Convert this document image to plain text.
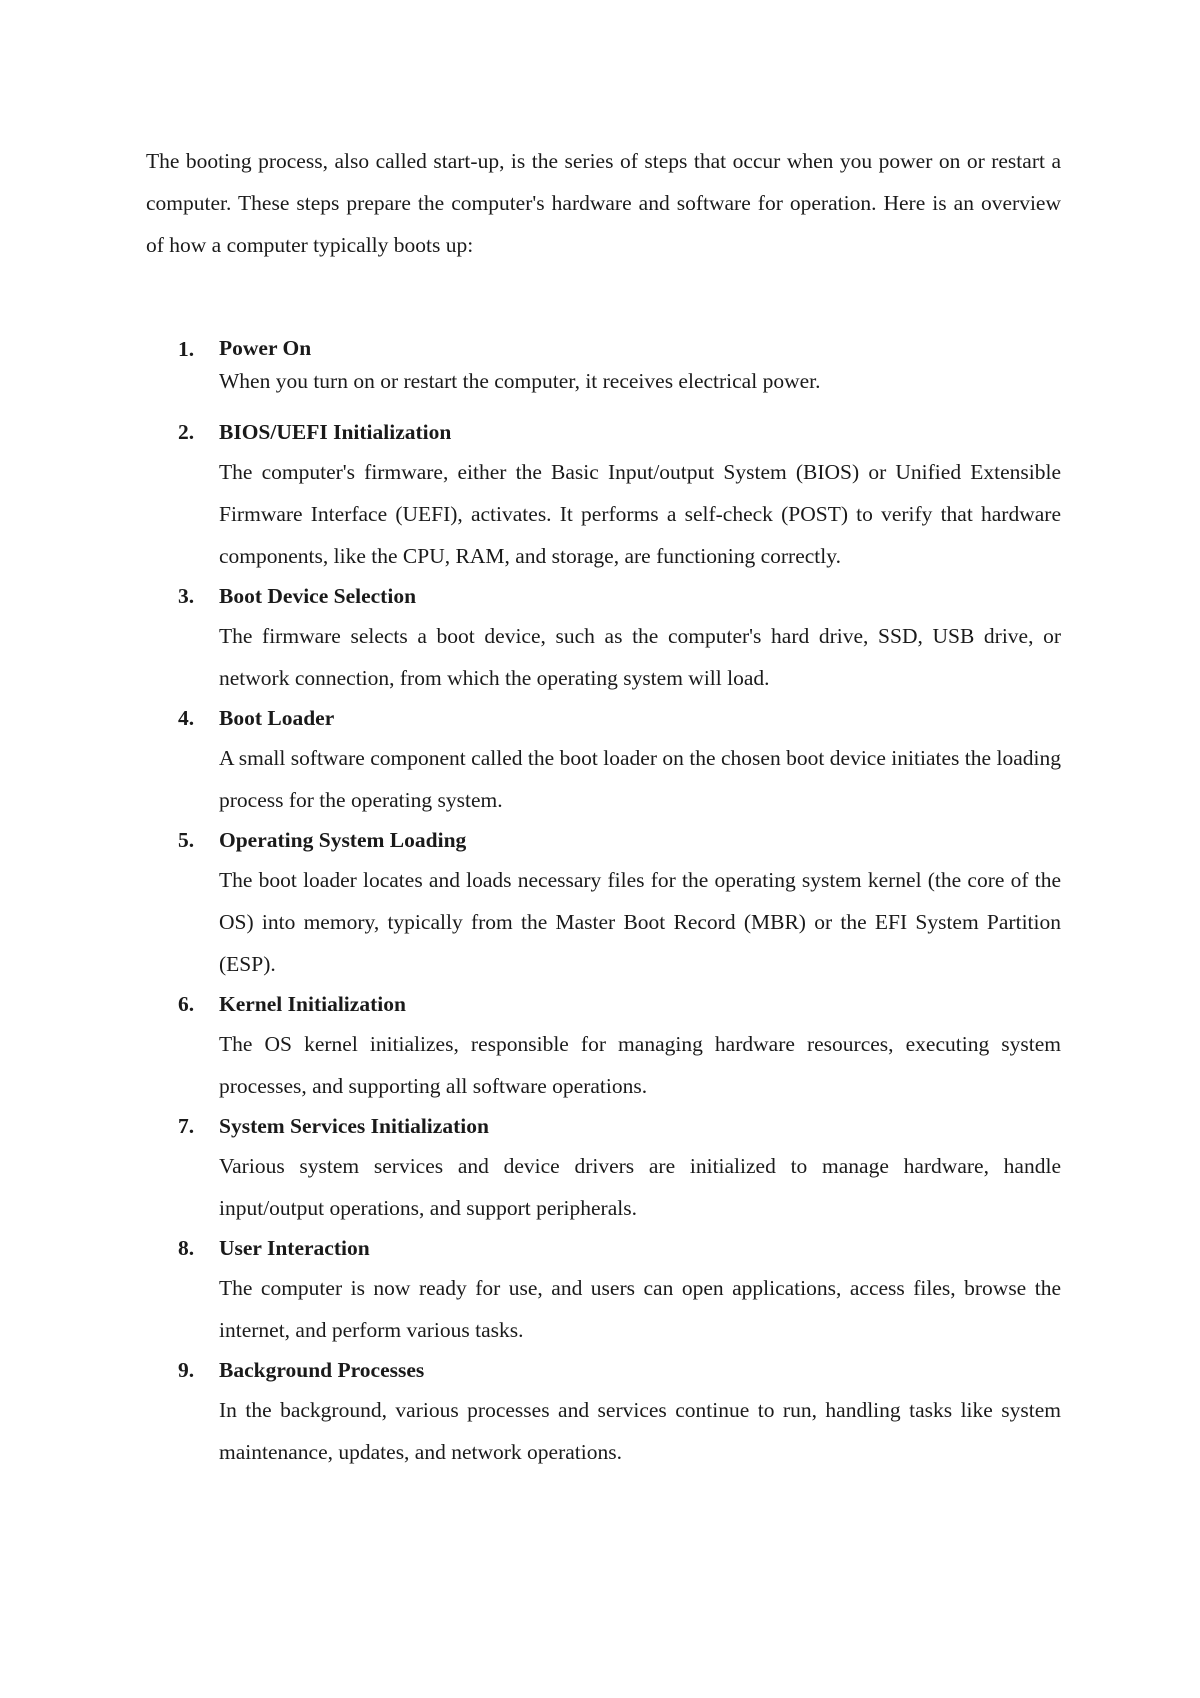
The booting process, also called start-up, is the series of steps that occur when you power on or restart a computer. These steps prepare the computer's hardware and software for operation. Here is an overview of how a computer typically boots up:

1. Power On

When you turn on or restart the computer, it receives electrical power.

2. BIOS/UEFI Initialization

The computer's firmware, either the Basic Input/output System (BIOS) or Unified Extensible Firmware Interface (UEFI), activates. It performs a self-check (POST) to verify that hardware components, like the CPU, RAM, and storage, are functioning correctly.

3. Boot Device Selection

The firmware selects a boot device, such as the computer's hard drive, SSD, USB drive, or network connection, from which the operating system will load.

4. Boot Loader

A small software component called the boot loader on the chosen boot device initiates the loading process for the operating system.

5. Operating System Loading

The boot loader locates and loads necessary files for the operating system kernel (the core of the OS) into memory, typically from the Master Boot Record (MBR) or the EFI System Partition (ESP).

6. Kernel Initialization

The OS kernel initializes, responsible for managing hardware resources, executing system processes, and supporting all software operations.

7. System Services Initialization

Various system services and device drivers are initialized to manage hardware, handle input/output operations, and support peripherals.

8. User Interaction

The computer is now ready for use, and users can open applications, access files, browse the internet, and perform various tasks.

9. Background Processes

In the background, various processes and services continue to run, handling tasks like system maintenance, updates, and network operations.
